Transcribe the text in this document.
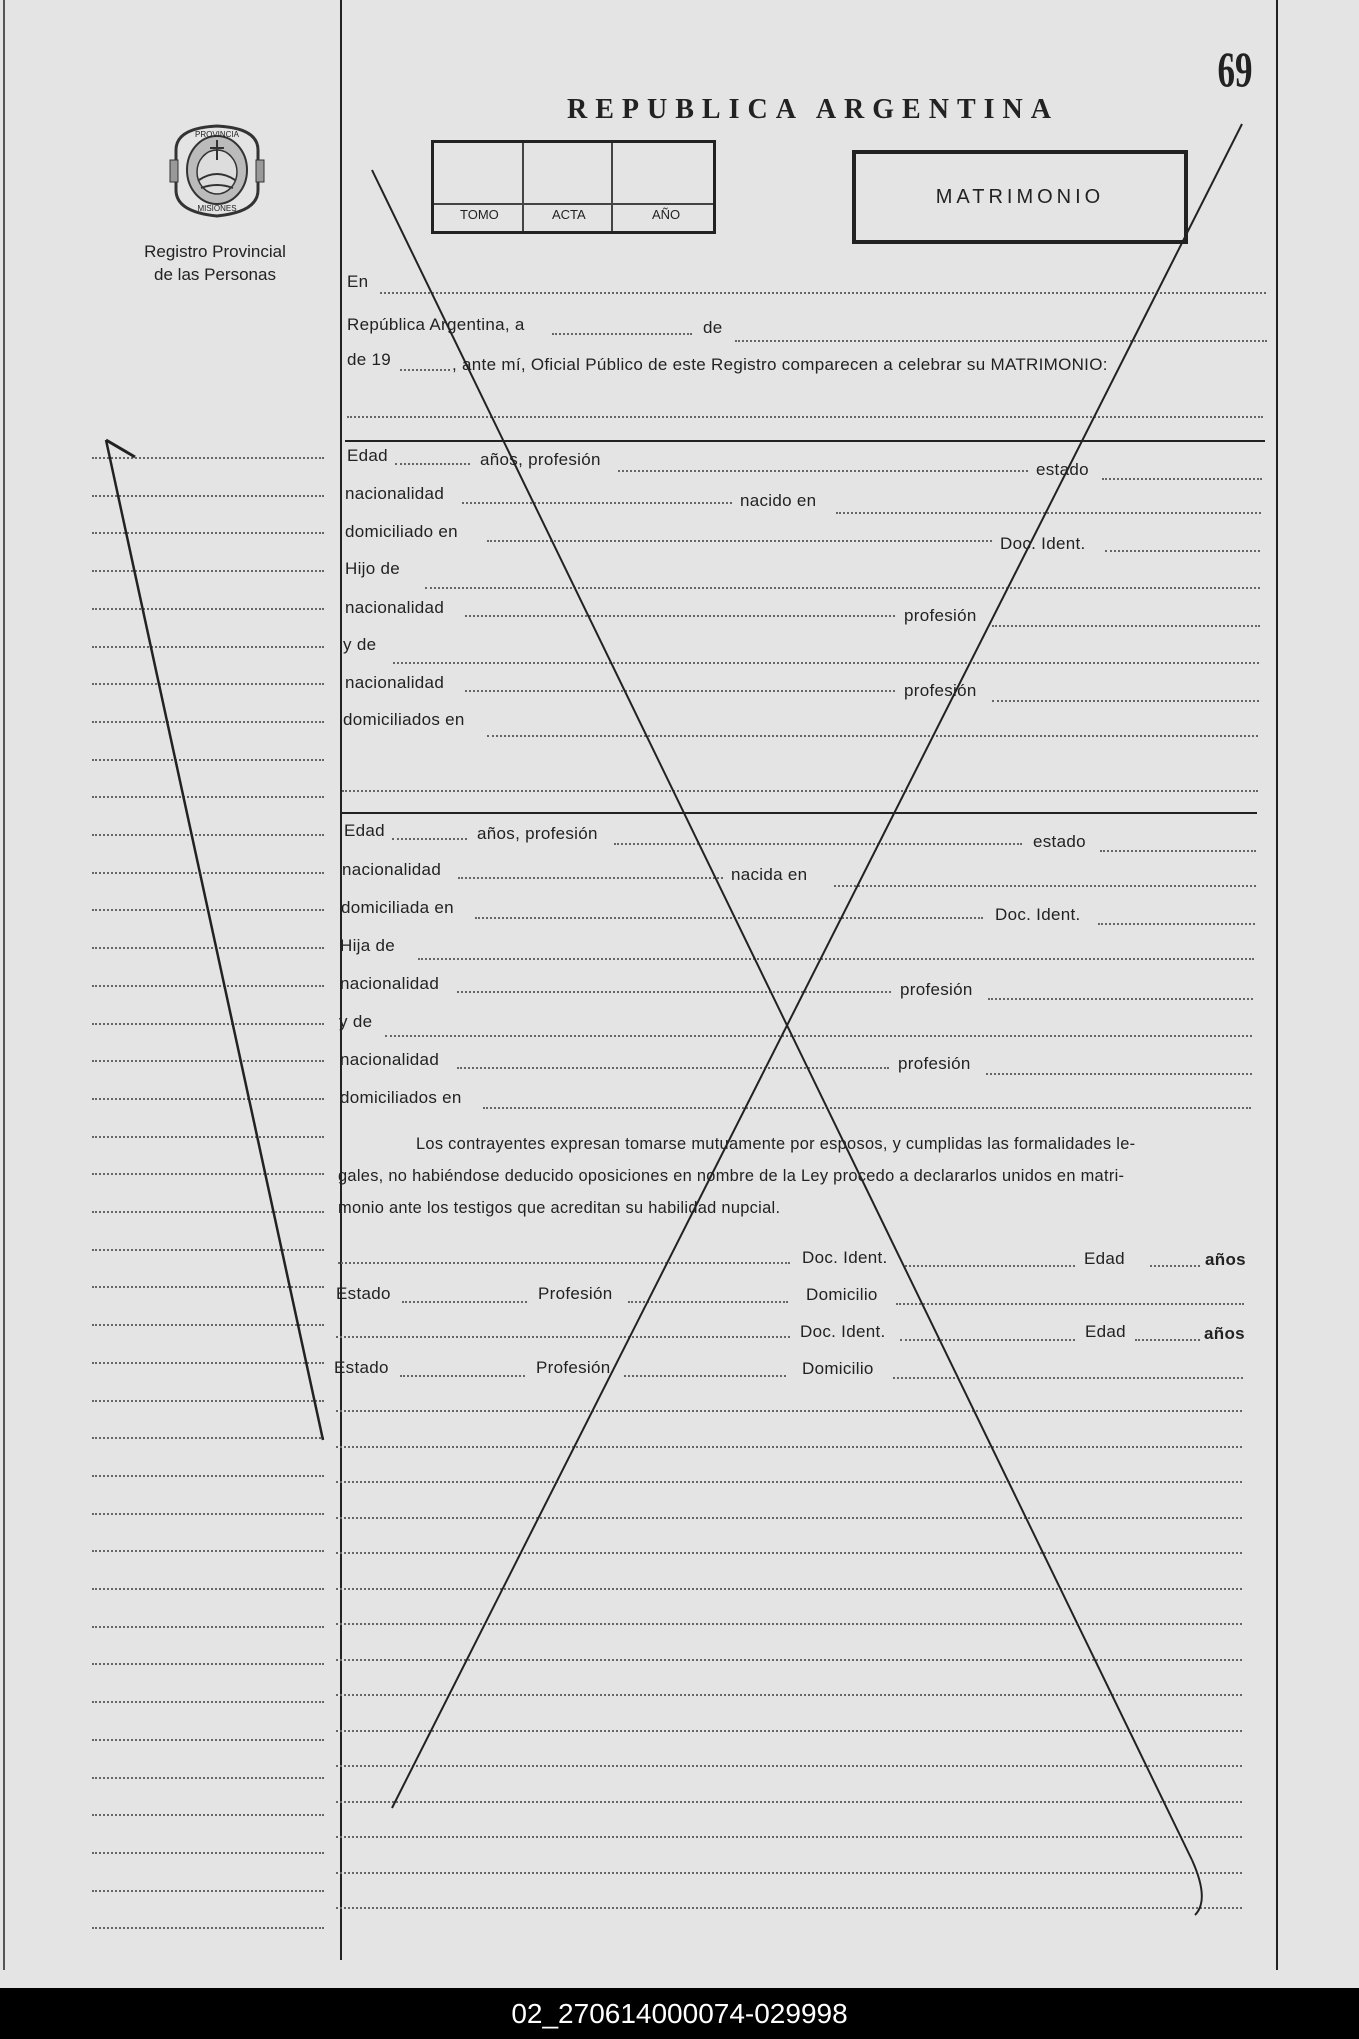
69
REPUBLICA ARGENTINA
PROVINCIA
MISIONES
Registro Provincial
de las Personas
TOMO	ACTA	AÑO
MATRIMONIO
En
República Argentina, a	de
de 19	, ante mí, Oficial Público de este Registro comparecen a celebrar su MATRIMONIO:
Edad	años, profesión
estado
nacionalidad	nacido en
domiciliado en
Doc. Ident.
Hijo de
nacionalidad	profesión
y de
nacionalidad	profesión
domiciliados en
Edad	años, profesión	estado
nacionalidad	nacida en
domiciliada en	Doc. Ident.
Hija de
nacionalidad	profesión
y de
nacionalidad	profesión
domiciliados en
Los contrayentes expresan tomarse mutuamente por esposos, y cumplidas las formalidades le-
gales, no habiéndose deducido oposiciones en nombre de la Ley procedo a declararlos unidos en matri-
monio ante los testigos que acreditan su habilidad nupcial.
Doc. Ident.	Edad	años
Estado	Profesión	Domicilio
Doc. Ident.	Edad	años
Estado	Profesión	Domicilio
02_270614000074-029998
